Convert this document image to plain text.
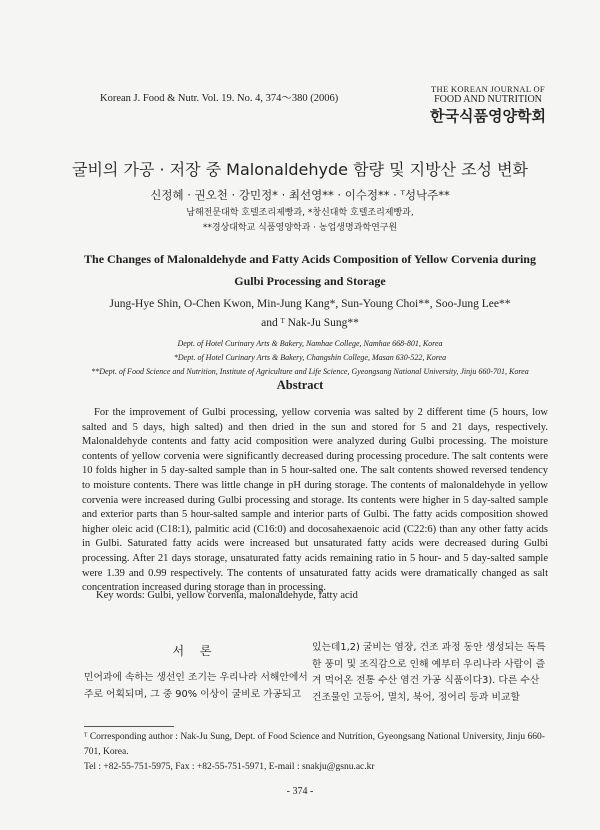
Korean J. Food & Nutr. Vol. 19. No. 4, 374～380 (2006)
THE KOREAN JOURNAL OF
FOOD AND NUTRITION
한국식품영양학회
굴비의 가공 · 저장 중 Malonaldehyde 함량 및 지방산 조성 변화
신정혜 · 권오천 · 강민정* · 최선영** · 이수정** · ᵀ성낙주**
남해전문대학 호텔조리제빵과, *창신대학 호텔조리제빵과,
**경상대학교 식품영양학과 · 농업생명과학연구원
The Changes of Malonaldehyde and Fatty Acids Composition of Yellow Corvenia during
Gulbi Processing and Storage
Jung-Hye Shin, O-Chen Kwon, Min-Jung Kang*, Sun-Young Choi**, Soo-Jung Lee**
and ᵀ Nak-Ju Sung**
Dept. of Hotel Curinary Arts & Bakery, Namhae College, Namhae 668-801, Korea
*Dept. of Hotel Curinary Arts & Bakery, Changshin College, Masan 630-522, Korea
**Dept. of Food Science and Nutrition, Institute of Agriculture and Life Science, Gyeongsang National University, Jinju 660-701, Korea
Abstract

For the improvement of Gulbi processing, yellow corvenia was salted by 2 different time (5 hours, low salted and 5 days, high salted) and then dried in the sun and stored for 5 and 21 days, respectively. Malonaldehyde contents and fatty acid composition were analyzed during Gulbi processing. The moisture contents of yellow corvenia were significantly decreased during processing procedure. The salt contents were 10 folds higher in 5 day-salted sample than in 5 hour-salted one. The salt contents showed reversed tendency to moisture contents. There was little change in pH during storage. The contents of malonaldehyde in yellow corvenia were increased during Gulbi processing and storage. Its contents were higher in 5 day-salted sample and exterior parts than 5 hour-salted sample and interior parts of Gulbi. The fatty acids composition showed higher oleic acid (C18:1), palmitic acid (C16:0) and docosahexaenoic acid (C22:6) than any other fatty acids in Gulbi. Saturated fatty acids were increased but unsaturated fatty acids were decreased during Gulbi processing. After 21 days storage, unsaturated fatty acids remaining ratio in 5 hour- and 5 day-salted sample were 1.39 and 0.99 respectively. The contents of unsaturated fatty acids were dramatically changed as salt concentration increased during storage than in processing.

Key words: Gulbi, yellow corvenia, malonaldehyde, fatty acid
서 론

민어과에 속하는 생선인 조기는 우리나라 서해안에서 주로 어획되며, 그 중 90% 이상이 굴비로 가공되고

있는데1,2) 굴비는 염장, 건조 과정 동안 생성되는 독특한 풍미 및 조직감으로 인해 예부터 우리나라 사람이 즐겨 먹어온 전통 수산 염건 가공 식품이다3). 다른 수산 건조물인 고등어, 멸치, 북어, 정어리 등과 비교할

ᵀ Corresponding author : Nak-Ju Sung, Dept. of Food Science and Nutrition, Gyeongsang National University, Jinju 660-701, Korea.
Tel : +82-55-751-5975, Fax : +82-55-751-5971, E-mail : snakju@gsnu.ac.kr
- 374 -
